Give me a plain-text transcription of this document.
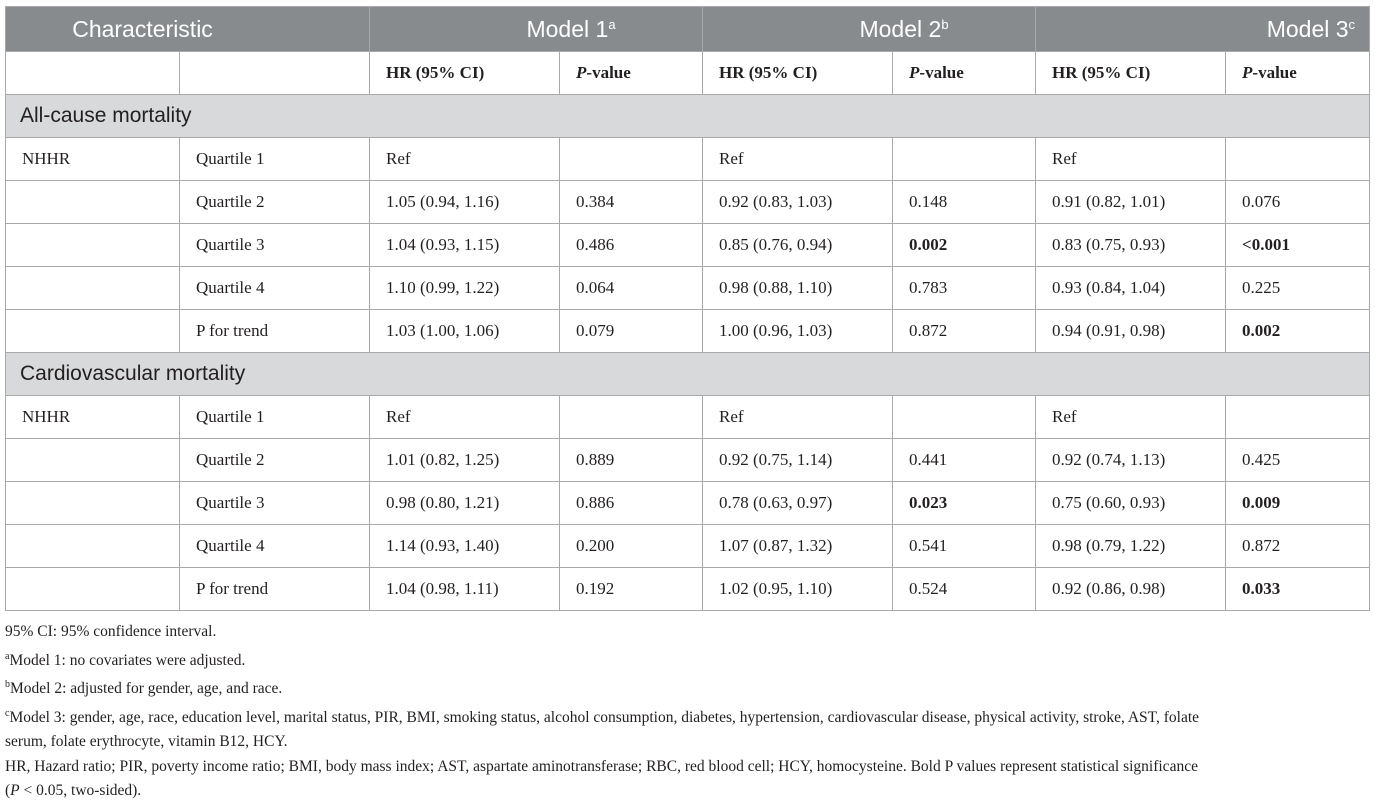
Characteristic		Model 1$^a$		Model 2$^b$		Model 3$^c$
		HR (95% CI)	P-value	HR (95% CI)	P-value	HR (95% CI)	P-value
All-cause mortality							
NHHR	Quartile 1	Ref		Ref		Ref	
	Quartile 2	1.05 (0.94, 1.16)	0.384	0.92 (0.83, 1.03)	0.148	0.91 (0.82, 1.01)	0.076
	Quartile 3	1.04 (0.93, 1.15)	0.486	0.85 (0.76, 0.94)	0.002	0.83 (0.75, 0.93)	<0.001
	Quartile 4	1.10 (0.99, 1.22)	0.064	0.98 (0.88, 1.10)	0.783	0.93 (0.84, 1.04)	0.225
	P for trend	1.03 (1.00, 1.06)	0.079	1.00 (0.96, 1.03)	0.872	0.94 (0.91, 0.98)	0.002
Cardiovascular mortality							
NHHR	Quartile 1	Ref		Ref		Ref	
	Quartile 2	1.01 (0.82, 1.25)	0.889	0.92 (0.75, 1.14)	0.441	0.92 (0.74, 1.13)	0.425
	Quartile 3	0.98 (0.80, 1.21)	0.886	0.78 (0.63, 0.97)	0.023	0.75 (0.60, 0.93)	0.009
	Quartile 4	1.14 (0.93, 1.40)	0.200	1.07 (0.87, 1.32)	0.541	0.98 (0.79, 1.22)	0.872
	P for trend	1.04 (0.98, 1.11)	0.192	1.02 (0.95, 1.10)	0.524	0.92 (0.86, 0.98)	0.033

95% CI: 95% confidence interval.

$^a$Model 1: no covariates were adjusted.

$^b$Model 2: adjusted for gender, age, and race.

$^c$Model 3: gender, age, race, education level, marital status, PIR, BMI, smoking status, alcohol consumption, diabetes, hypertension, cardiovascular disease, physical activity, stroke, AST, folate
serum, folate erythrocyte, vitamin B12, HCY.

HR, Hazard ratio; PIR, poverty income ratio; BMI, body mass index; AST, aspartate aminotransferase; RBC, red blood cell; HCY, homocysteine. Bold P values represent statistical significance
(P < 0.05, two-sided).
